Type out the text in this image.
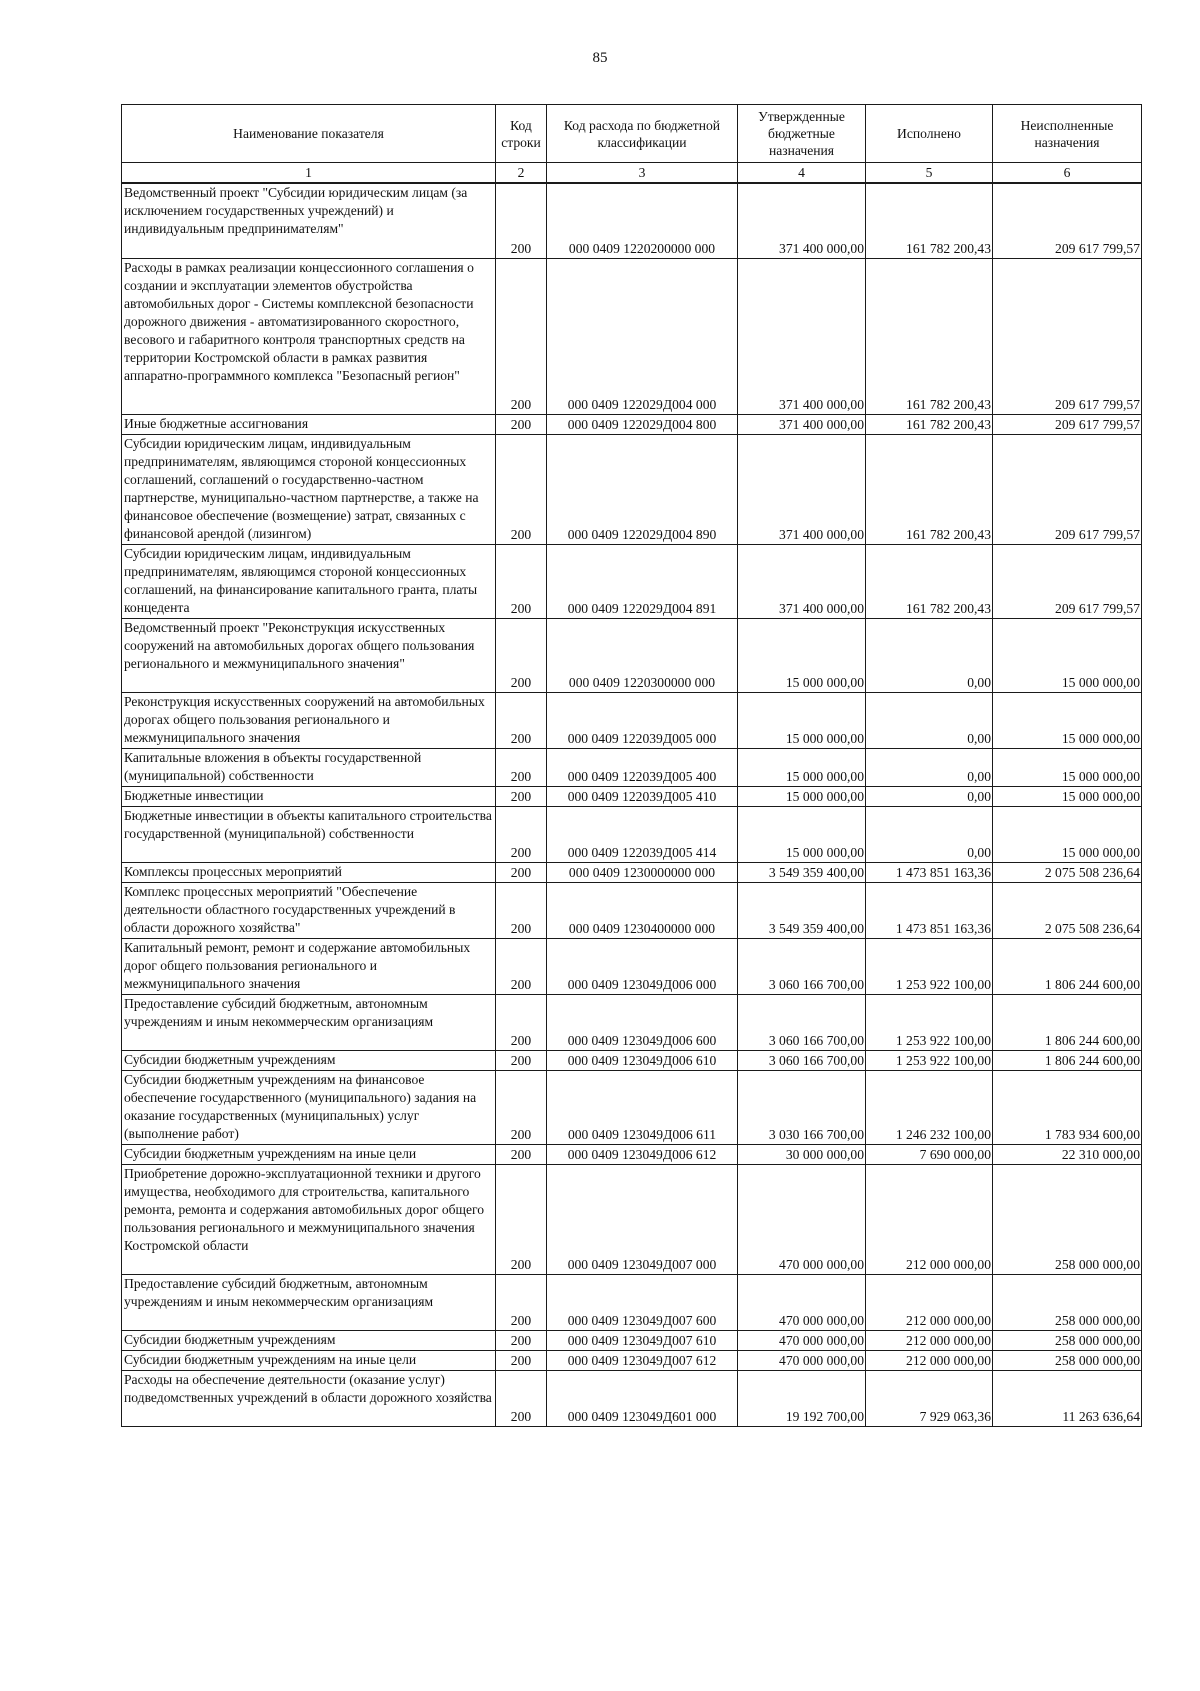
85
Наименование показателя	Код строки	Код расхода по бюджетной классификации	Утвержденные бюджетные назначения	Исполнено	Неисполненные назначения
1	2	3	4	5	6

Ведомственный проект "Субсидии юридическим лицам (за исключением государственных учреждений) и индивидуальным предпринимателям"	200	000 0409 1220200000 000	371 400 000,00	161 782 200,43	209 617 799,57

Расходы в рамках реализации концессионного соглашения о создании и эксплуатации элементов обустройства автомобильных дорог - Системы комплексной безопасности дорожного движения - автоматизированного скоростного, весового и габаритного контроля транспортных средств на территории Костромской области в рамках развития аппаратно-программного комплекса "Безопасный регион"	200	000 0409 122029Д004 000	371 400 000,00	161 782 200,43	209 617 799,57

Иные бюджетные ассигнования	200	000 0409 122029Д004 800	371 400 000,00	161 782 200,43	209 617 799,57

Субсидии юридическим лицам, индивидуальным предпринимателям, являющимся стороной концессионных соглашений, соглашений о государственно-частном партнерстве, муниципально-частном партнерстве, а также на финансовое обеспечение (возмещение) затрат, связанных с финансовой арендой (лизингом)	200	000 0409 122029Д004 890	371 400 000,00	161 782 200,43	209 617 799,57

Субсидии юридическим лицам, индивидуальным предпринимателям, являющимся стороной концессионных соглашений, на финансирование капитального гранта, платы концедента	200	000 0409 122029Д004 891	371 400 000,00	161 782 200,43	209 617 799,57

Ведомственный проект "Реконструкция искусственных сооружений на автомобильных дорогах общего пользования регионального и межмуниципального значения"	200	000 0409 1220300000 000	15 000 000,00	0,00	15 000 000,00

Реконструкция искусственных сооружений на автомобильных дорогах общего пользования регионального и межмуниципального значения	200	000 0409 122039Д005 000	15 000 000,00	0,00	15 000 000,00

Капитальные вложения в объекты государственной (муниципальной) собственности	200	000 0409 122039Д005 400	15 000 000,00	0,00	15 000 000,00

Бюджетные инвестиции	200	000 0409 122039Д005 410	15 000 000,00	0,00	15 000 000,00

Бюджетные инвестиции в объекты капитального строительства государственной (муниципальной) собственности	200	000 0409 122039Д005 414	15 000 000,00	0,00	15 000 000,00

Комплексы процессных мероприятий	200	000 0409 1230000000 000	3 549 359 400,00	1 473 851 163,36	2 075 508 236,64

Комплекс процессных мероприятий "Обеспечение деятельности областного государственных учреждений в области дорожного хозяйства"	200	000 0409 1230400000 000	3 549 359 400,00	1 473 851 163,36	2 075 508 236,64

Капитальный ремонт, ремонт и содержание автомобильных дорог общего пользования регионального и межмуниципального значения	200	000 0409 123049Д006 000	3 060 166 700,00	1 253 922 100,00	1 806 244 600,00

Предоставление субсидий бюджетным, автономным учреждениям и иным некоммерческим организациям	200	000 0409 123049Д006 600	3 060 166 700,00	1 253 922 100,00	1 806 244 600,00

Субсидии бюджетным учреждениям	200	000 0409 123049Д006 610	3 060 166 700,00	1 253 922 100,00	1 806 244 600,00

Субсидии бюджетным учреждениям на финансовое обеспечение государственного (муниципального) задания на оказание государственных (муниципальных) услуг (выполнение работ)	200	000 0409 123049Д006 611	3 030 166 700,00	1 246 232 100,00	1 783 934 600,00

Субсидии бюджетным учреждениям на иные цели	200	000 0409 123049Д006 612	30 000 000,00	7 690 000,00	22 310 000,00

Приобретение дорожно-эксплуатационной техники и другого имущества, необходимого для строительства, капитального ремонта, ремонта и содержания автомобильных дорог общего пользования регионального и межмуниципального значения Костромской области	200	000 0409 123049Д007 000	470 000 000,00	212 000 000,00	258 000 000,00

Предоставление субсидий бюджетным, автономным учреждениям и иным некоммерческим организациям	200	000 0409 123049Д007 600	470 000 000,00	212 000 000,00	258 000 000,00

Субсидии бюджетным учреждениям	200	000 0409 123049Д007 610	470 000 000,00	212 000 000,00	258 000 000,00

Субсидии бюджетным учреждениям на иные цели	200	000 0409 123049Д007 612	470 000 000,00	212 000 000,00	258 000 000,00

Расходы на обеспечение деятельности (оказание услуг) подведомственных учреждений в области дорожного хозяйства	200	000 0409 123049Д601 000	19 192 700,00	7 929 063,36	11 263 636,64
